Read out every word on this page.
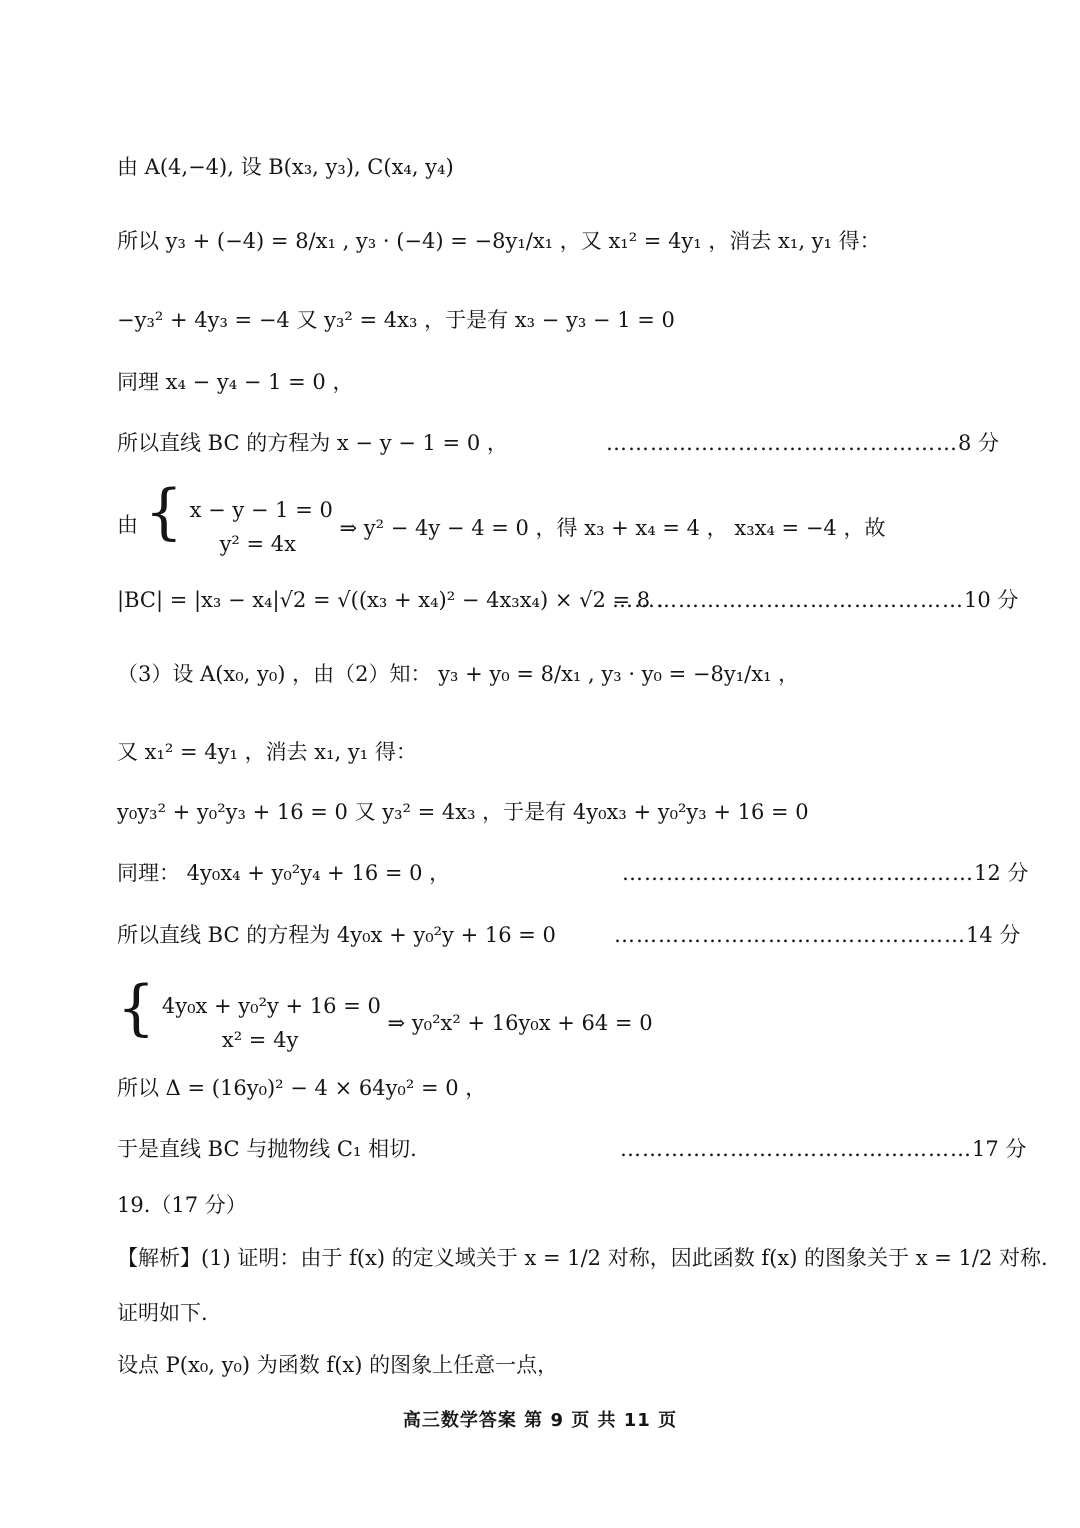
由 A(4,−4), 设 B(x₃, y₃), C(x₄, y₄)
所以 y₃ + (−4) = 8/x₁ , y₃ · (−4) = −8y₁/x₁ ，又 x₁² = 4y₁ ，消去 x₁, y₁ 得：
−y₃² + 4y₃ = −4 又 y₃² = 4x₃ ，于是有 x₃ − y₃ − 1 = 0
同理 x₄ − y₄ − 1 = 0 ，
所以直线 BC 的方程为 x − y − 1 = 0 ，	…………………………………………8 分
由 { x − y − 1 = 0
y² = 4x
⇒ y² − 4y − 4 = 0 ，得 x₃ + x₄ = 4 ， x₃x₄ = −4 ，故
|BC| = |x₃ − x₄|√2 = √((x₃ + x₄)² − 4x₃x₄) × √2 = 8 .
…………………………………………10 分
（3）设 A(x₀, y₀) ，由（2）知： y₃ + y₀ = 8/x₁ , y₃ · y₀ = −8y₁/x₁ ，
又 x₁² = 4y₁ ，消去 x₁, y₁ 得：
y₀y₃² + y₀²y₃ + 16 = 0 又 y₃² = 4x₃ ，于是有 4y₀x₃ + y₀²y₃ + 16 = 0
同理： 4y₀x₄ + y₀²y₄ + 16 = 0 ，	…………………………………………12 分
所以直线 BC 的方程为 4y₀x + y₀²y + 16 = 0	…………………………………………14 分
{ 4y₀x + y₀²y + 16 = 0
x² = 4y
⇒ y₀²x² + 16y₀x + 64 = 0
所以 Δ = (16y₀)² − 4 × 64y₀² = 0 ，
于是直线 BC 与抛物线 C₁ 相切.	…………………………………………17 分
19.（17 分）
【解析】(1) 证明：由于 f(x) 的定义域关于 x = 1/2 对称，因此函数 f(x) 的图象关于 x = 1/2 对称.
证明如下.
设点 P(x₀, y₀) 为函数 f(x) 的图象上任意一点，
高三数学答案 第 9 页 共 11 页
